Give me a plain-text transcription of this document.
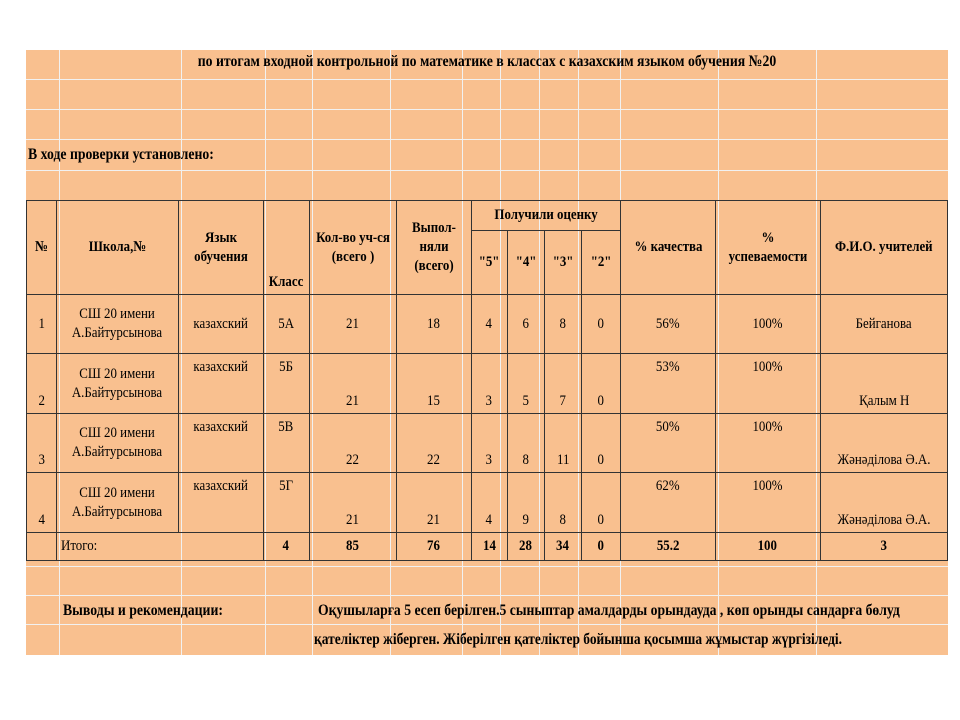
по итогам входной контрольной по математике в классах с казахским языком обучения №20
В ходе проверки установлено:
№	Школа,№	Язык обучения	Класс	Кол-во уч-ся (всего )	Выпол-няли (всего)	Получили оценку				% качества	% успеваемости	Ф.И.О. учителей
						"5"	"4"	"3"	"2"			
1	СШ 20 имени А.Байтурсынова	казахский	5А	21	18	4	6	8	0	56%	100%	Бейганова
2	СШ 20 имени А.Байтурсынова	казахский	5Б	21	15	3	5	7	0	53%	100%	Қалым Н
3	СШ 20 имени А.Байтурсынова	казахский	5В	22	22	3	8	11	0	50%	100%	Жәнәділова Ә.А.
4	СШ 20 имени А.Байтурсынова	казахский	5Г	21	21	4	9	8	0	62%	100%	Жәнәділова Ә.А.
	Итого:		4	85	76	14	28	34	0	55.2	100	3
Выводы и рекомендации:	Оқушыларға 5 есеп берілген.5 сыныптар амалдарды орындауда , көп орынды сандарға бөлуд
қателіктер жіберген. Жіберілген қателіктер бойынша қосымша жұмыстар жүргізіледі.
